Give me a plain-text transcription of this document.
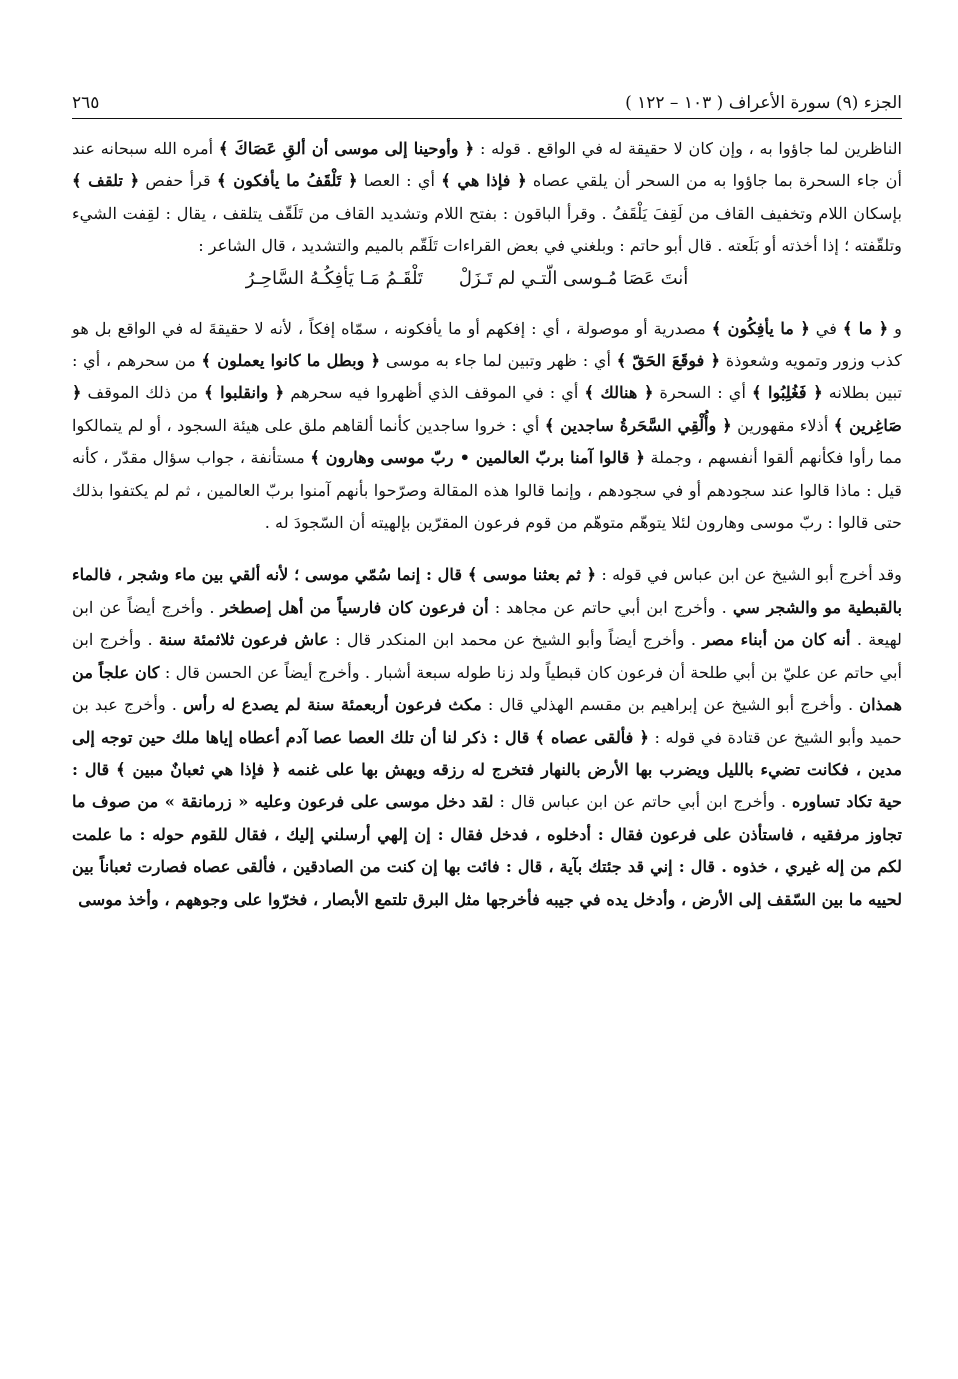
الجزء (٩) سورة الأعراف ( ١٠٣ – ١٢٢ )
٢٦٥

الناظرين لما جاؤوا به ، وإن كان لا حقيقة له في الواقع . قوله : ﴿ وأوحينا إلى موسى أن ألقِ عَصَاكَ ﴾ أمره الله سبحانه عند أن جاء السحرة بما جاؤوا به من السحر أن يلقي عصاه ﴿ فإذا هي ﴾ أي : العصا ﴿ تَلْقَفُ ما يأفكون ﴾ قرأ حفص ﴿ تلقف ﴾ بإسكان اللام وتخفيف القاف من لَقِفَ يَلْقَفُ . وقرأ الباقون : بفتح اللام وتشديد القاف من تَلَقّف يتلقف ، يقال : لقِفت الشيء وتلقّفته ؛ إذا أخذته أو بَلَعته . قال أبو حاتم : وبلغني في بعض القراءات تَلَقّم بالميم والتشديد ، قال الشاعر :

أنتَ عَصَا مُـوسى الّتـي لم تَـزَلْ
تَلْقَـمُ مَـا يَأفِكُـهُ السَّاحِـرُ

و ﴿ ما ﴾ في ﴿ ما يأفِكُون ﴾ مصدرية أو موصولة ، أي : إفكهم أو ما يأفكونه ، سمّاه إفكاً ، لأنه لا حقيقةَ له في الواقع بل هو كذب وزور وتمويه وشعوذة ﴿ فوقَعَ الحَقّ ﴾ أي : ظهر وتبين لما جاء به موسى ﴿ وبطل ما كانوا يعملون ﴾ من سحرهم ، أي : تبين بطلانه ﴿ فَغُلِبُوا ﴾ أي : السحرة ﴿ هنالك ﴾ أي : في الموقف الذي أظهروا فيه سحرهم ﴿ وانقلبوا ﴾ من ذلك الموقف ﴿ صَاغِرين ﴾ أذلاء مقهورين ﴿ وأُلْقِي السَّحَرةُ ساجدين ﴾ أي : خروا ساجدين كأنما ألقاهم ملق على هيئة السجود ، أو لم يتمالكوا مما رأوا فكأنهم ألقوا أنفسهم ، وجملة ﴿ قالوا آمنا بربّ العالمين • ربّ موسى وهارون ﴾ مستأنفة ، جواب سؤال مقدّر ، كأنه قيل : ماذا قالوا عند سجودهم أو في سجودهم ، وإنما قالوا هذه المقالة وصرّحوا بأنهم آمنوا بربّ العالمين ، ثم لم يكتفوا بذلك حتى قالوا : ربّ موسى وهارون لئلا يتوهّم متوهّم من قوم فرعون المقرّين بإلهيته أن السّجودَ له .

وقد أخرج أبو الشيخ عن ابن عباس في قوله : ﴿ ثم بعثنا موسى ﴾ قال : إنما سُمّي موسى ؛ لأنه ألقي بين ماء وشجر ، فالماء بالقبطية مو والشجر سي . وأخرج ابن أبي حاتم عن مجاهد : أن فرعون كان فارسياً من أهل إصطخر . وأخرج أيضاً عن ابن لهيعة . أنه كان من أبناء مصر . وأخرج أيضاً وأبو الشيخ عن محمد ابن المنكدر قال : عاش فرعون ثلاثمئة سنة . وأخرج ابن أبي حاتم عن عليّ بن أبي طلحة أن فرعون كان قبطياً ولد زنا طوله سبعة أشبار . وأخرج أيضاً عن الحسن قال : كان علجاً من همذان . وأخرج أبو الشيخ عن إبراهيم بن مقسم الهذلي قال : مكث فرعون أربعمئة سنة لم يصدع له رأس . وأخرج عبد بن حميد وأبو الشيخ عن قتادة في قوله : ﴿ فألقى عصاه ﴾ قال : ذكر لنا أن تلك العصا عصا آدم أعطاه إياها ملك حين توجه إلى مدين ، فكانت تضيء بالليل ويضرب بها الأرض بالنهار فتخرج له رزقه ويهش بها على غنمه ﴿ فإذا هي ثعبانٌ مبين ﴾ قال : حية تكاد تساوره . وأخرج ابن أبي حاتم عن ابن عباس قال : لقد دخل موسى على فرعون وعليه « زرمانقة » من صوف ما تجاوز مرفقيه ، فاستأذن على فرعون فقال : أدخلوه ، فدخل فقال : إن إلهي أرسلني إليك ، فقال للقوم حوله : ما علمت لكم من إله غيري ، خذوه . قال : إني قد جئتك بآية ، قال : فائت بها إن كنت من الصادقين ، فألقى عصاه فصارت ثعباناً بين لحييه ما بين السّقف إلى الأرض ، وأدخل يده في جيبه فأخرجها مثل البرق تلتمع الأبصار ، فخرّوا على وجوههم ، وأخذ موسى
